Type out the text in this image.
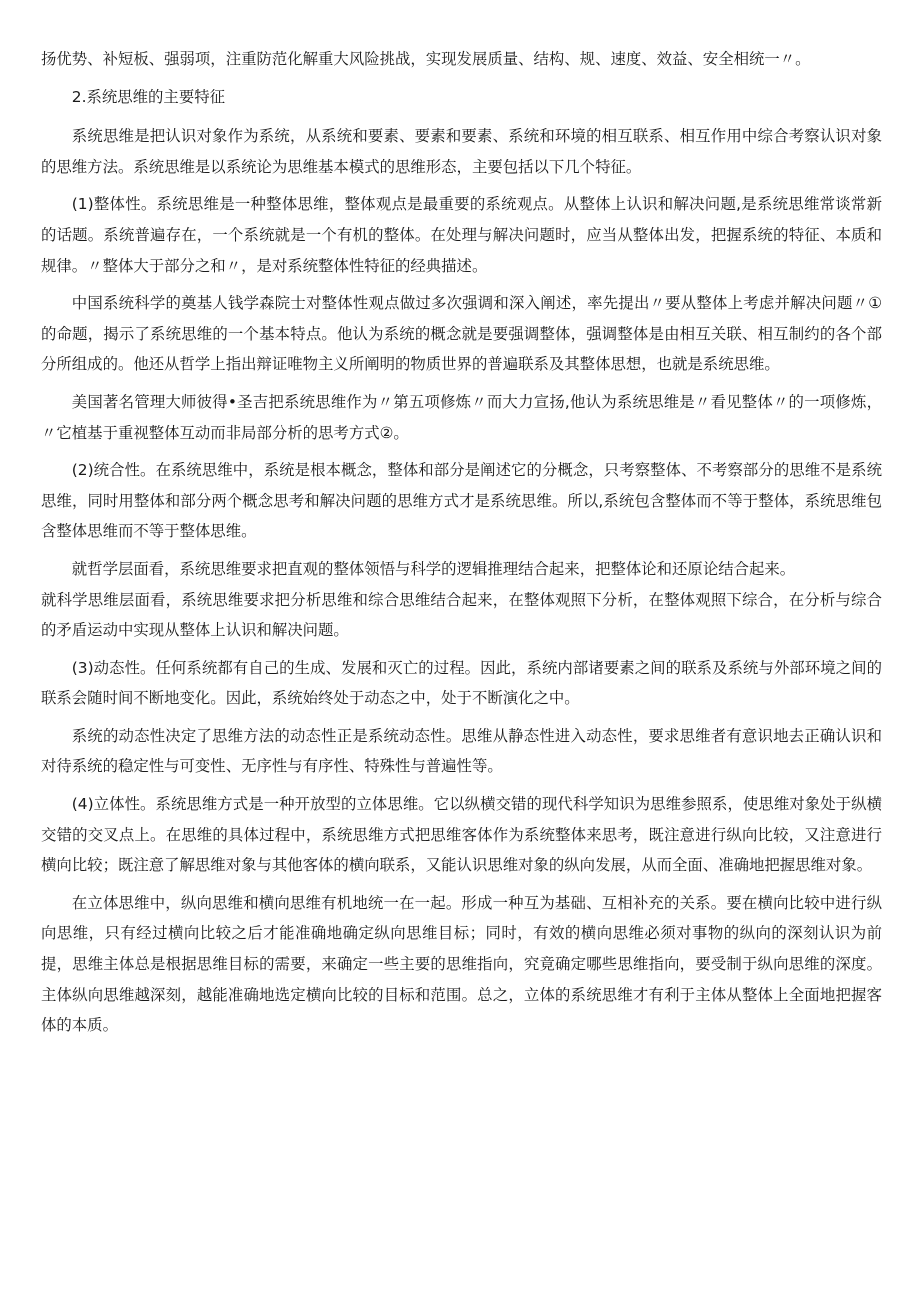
扬优势、补短板、强弱项，注重防范化解重大风险挑战，实现发展质量、结构、规、速度、效益、安全相统一〃。

2.系统思维的主要特征

系统思维是把认识对象作为系统，从系统和要素、要素和要素、系统和环境的相互联系、相互作用中综合考察认识对象的思维方法。系统思维是以系统论为思维基本模式的思维形态，主要包括以下几个特征。

(1)整体性。系统思维是一种整体思维，整体观点是最重要的系统观点。从整体上认识和解决问题,是系统思维常谈常新的话题。系统普遍存在，一个系统就是一个有机的整体。在处理与解决问题时，应当从整体出发，把握系统的特征、本质和规律。〃整体大于部分之和〃，是对系统整体性特征的经典描述。

中国系统科学的奠基人钱学森院士对整体性观点做过多次强调和深入阐述，率先提出〃要从整体上考虑并解决问题〃①的命题，揭示了系统思维的一个基本特点。他认为系统的概念就是要强调整体，强调整体是由相互关联、相互制约的各个部分所组成的。他还从哲学上指出辩证唯物主义所阐明的物质世界的普遍联系及其整体思想，也就是系统思维。

美国著名管理大师彼得•圣吉把系统思维作为〃第五项修炼〃而大力宣扬,他认为系统思维是〃看见整体〃的一项修炼，〃它植基于重视整体互动而非局部分析的思考方式②。

(2)统合性。在系统思维中，系统是根本概念，整体和部分是阐述它的分概念，只考察整体、不考察部分的思维不是系统思维，同时用整体和部分两个概念思考和解决问题的思维方式才是系统思维。所以,系统包含整体而不等于整体，系统思维包含整体思维而不等于整体思维。

就哲学层面看，系统思维要求把直观的整体领悟与科学的逻辑推理结合起来，把整体论和还原论结合起来。

就科学思维层面看，系统思维要求把分析思维和综合思维结合起来，在整体观照下分析，在整体观照下综合，在分析与综合的矛盾运动中实现从整体上认识和解决问题。

(3)动态性。任何系统都有自己的生成、发展和灭亡的过程。因此，系统内部诸要素之间的联系及系统与外部环境之间的联系会随时间不断地变化。因此，系统始终处于动态之中，处于不断演化之中。

系统的动态性决定了思维方法的动态性正是系统动态性。思维从静态性进入动态性，要求思维者有意识地去正确认识和对待系统的稳定性与可变性、无序性与有序性、特殊性与普遍性等。

(4)立体性。系统思维方式是一种开放型的立体思维。它以纵横交错的现代科学知识为思维参照系，使思维对象处于纵横交错的交叉点上。在思维的具体过程中，系统思维方式把思维客体作为系统整体来思考，既注意进行纵向比较，又注意进行横向比较；既注意了解思维对象与其他客体的横向联系，又能认识思维对象的纵向发展，从而全面、准确地把握思维对象。

在立体思维中，纵向思维和横向思维有机地统一在一起。形成一种互为基础、互相补充的关系。要在横向比较中进行纵向思维，只有经过横向比较之后才能准确地确定纵向思维目标；同时，有效的横向思维必须对事物的纵向的深刻认识为前提，思维主体总是根据思维目标的需要，来确定一些主要的思维指向，究竟确定哪些思维指向，要受制于纵向思维的深度。主体纵向思维越深刻，越能准确地选定横向比较的目标和范围。总之，立体的系统思维才有利于主体从整体上全面地把握客体的本质。
